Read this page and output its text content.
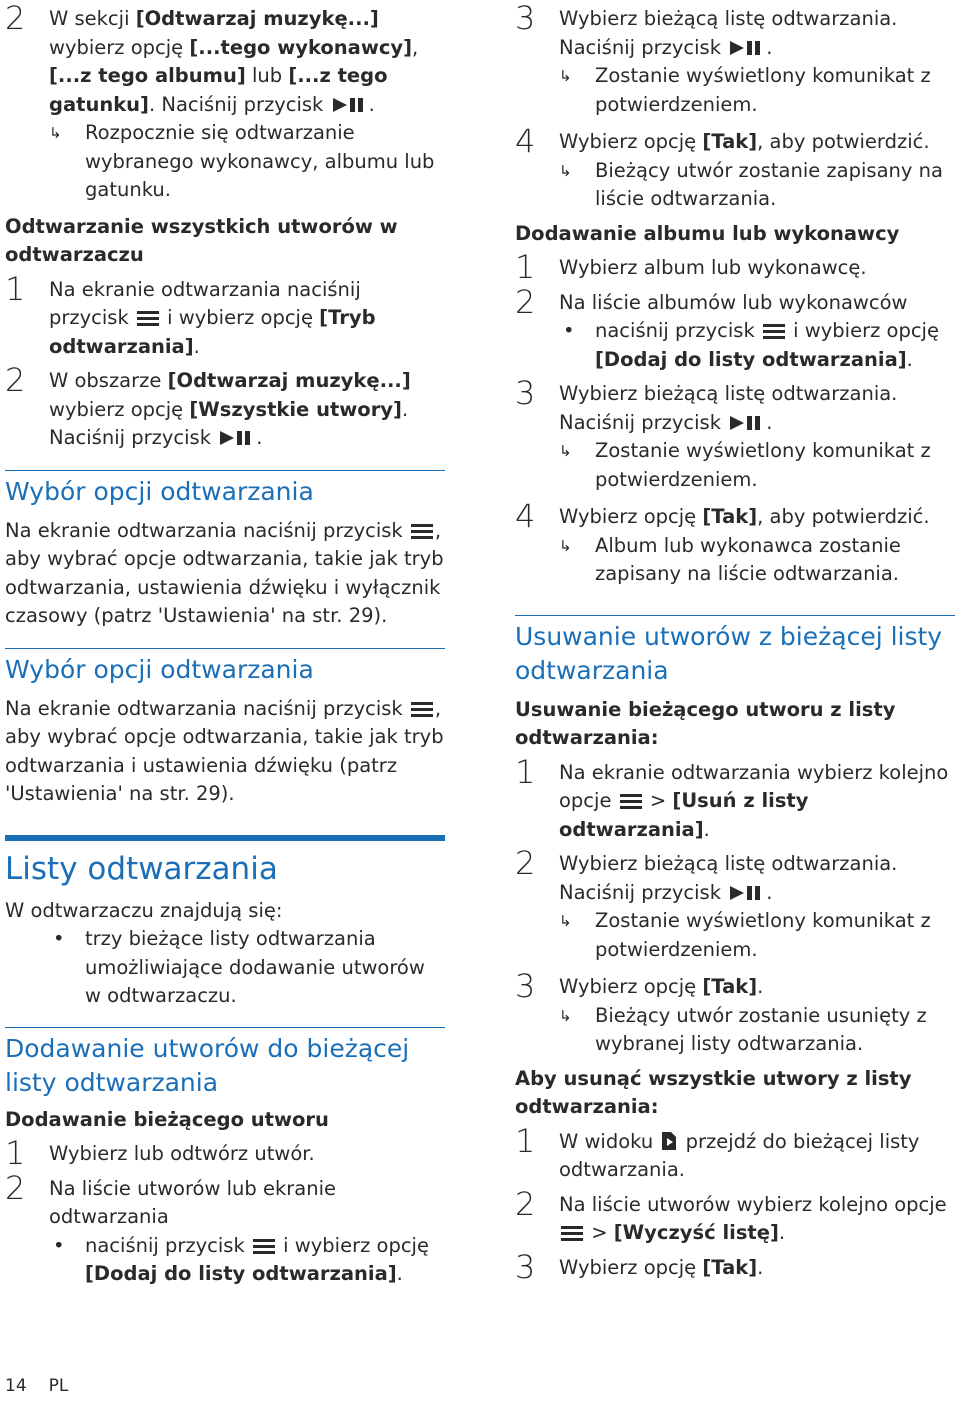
2 W sekcji [Odtwarzaj muzykę...] wybierz opcję [...tego wykonawcy], [...z tego albumu] lub [...z tego gatunku]. Naciśnij przycisk .

↳ Rozpocznie się odtwarzanie wybranego wykonawcy, albumu lub gatunku.

Odtwarzanie wszystkich utworów w odtwarzaczu

1 Na ekranie odtwarzania naciśnij przycisk  i wybierz opcję [Tryb odtwarzania].

2 W obszarze [Odtwarzaj muzykę...] wybierz opcję [Wszystkie utwory]. Naciśnij przycisk .

Wybór opcji odtwarzania

Na ekranie odtwarzania naciśnij przycisk , aby wybrać opcje odtwarzania, takie jak tryb odtwarzania, ustawienia dźwięku i wyłącznik czasowy (patrz 'Ustawienia' na str. 29).

Wybór opcji odtwarzania

Na ekranie odtwarzania naciśnij przycisk , aby wybrać opcje odtwarzania, takie jak tryb odtwarzania i ustawienia dźwięku (patrz 'Ustawienia' na str. 29).

Listy odtwarzania

W odtwarzaczu znajdują się:

• trzy bieżące listy odtwarzania umożliwiające dodawanie utworów w odtwarzaczu.
Dodawanie utworów do bieżącej listy odtwarzania

Dodawanie bieżącego utworu

1 Wybierz lub odtwórz utwór.

2 Na liście utworów lub ekranie odtwarzania

• naciśnij przycisk  i wybierz opcję [Dodaj do listy odtwarzania].
3 Wybierz bieżącą listę odtwarzania. Naciśnij przycisk .

↳ Zostanie wyświetlony komunikat z potwierdzeniem.
4 Wybierz opcję [Tak], aby potwierdzić.

↳ Bieżący utwór zostanie zapisany na liście odtwarzania.

Dodawanie albumu lub wykonawcy

1 Wybierz album lub wykonawcę.

2 Na liście albumów lub wykonawców

• naciśnij przycisk  i wybierz opcję [Dodaj do listy odtwarzania].
3 Wybierz bieżącą listę odtwarzania. Naciśnij przycisk .

↳ Zostanie wyświetlony komunikat z potwierdzeniem.
4 Wybierz opcję [Tak], aby potwierdzić.

↳ Album lub wykonawca zostanie zapisany na liście odtwarzania.
Usuwanie utworów z bieżącej listy odtwarzania

Usuwanie bieżącego utworu z listy odtwarzania:

1 Na ekranie odtwarzania wybierz kolejno opcje  > [Usuń z listy odtwarzania].

2 Wybierz bieżącą listę odtwarzania. Naciśnij przycisk .

↳ Zostanie wyświetlony komunikat z potwierdzeniem.
3 Wybierz opcję [Tak].

↳ Bieżący utwór zostanie usunięty z wybranej listy odtwarzania.

Aby usunąć wszystkie utwory z listy odtwarzania:

1 W widoku  przejdź do bieżącej listy odtwarzania.

2 Na liście utworów wybierz kolejno opcje  > [Wyczyść listę].

3 Wybierz opcję [Tak].

14 PL
